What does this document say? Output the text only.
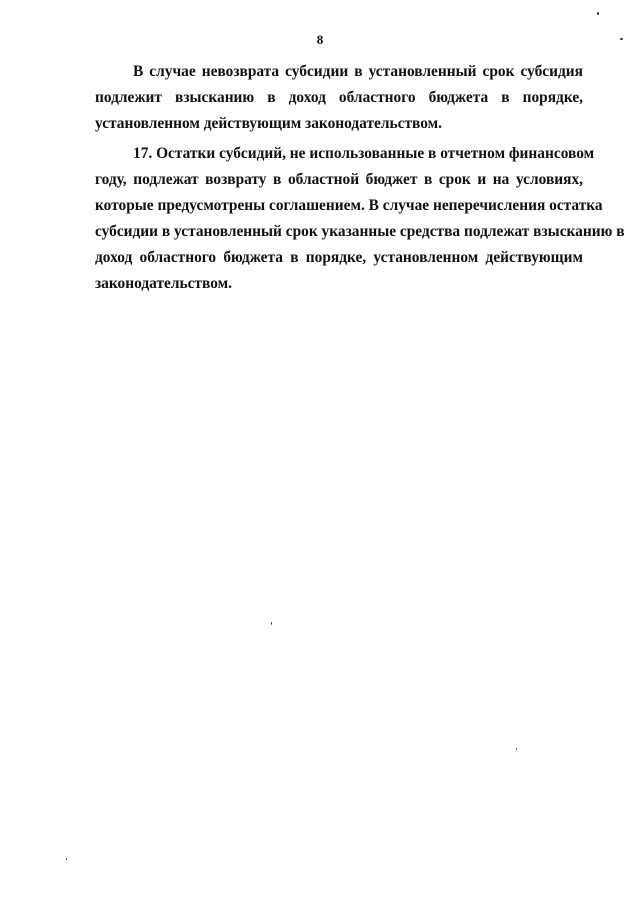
8

В случае невозврата субсидии в установленный срок субсидия
подлежит взысканию в доход областного бюджета в порядке,
установленном действующим законодательством.

17. Остатки субсидий, не использованные в отчетном финансовом
году, подлежат возврату в областной бюджет в срок и на условиях,
которые предусмотрены соглашением. В случае неперечисления остатка
субсидии в установленный срок указанные средства подлежат взысканию в
доход областного бюджета в порядке, установленном действующим
законодательством.
